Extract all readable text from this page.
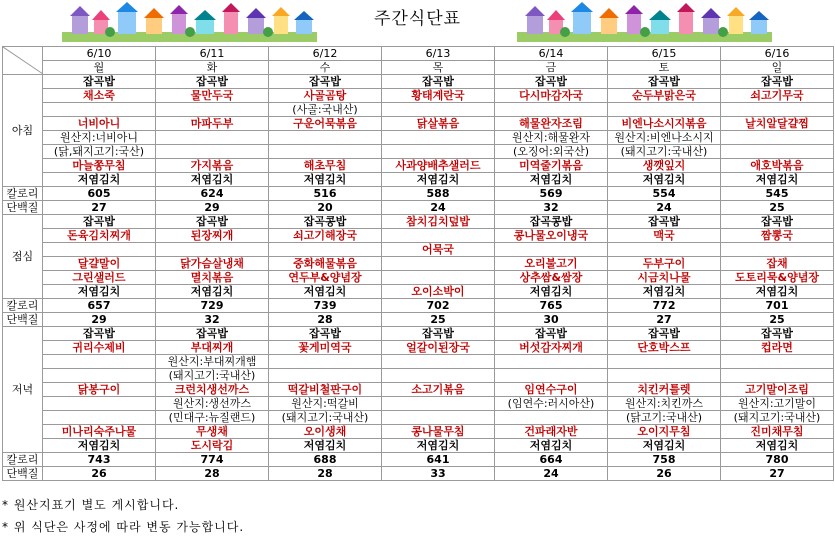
주간식단표
	6/10	6/11	6/12	6/13	6/14	6/15	6/16
	월	화	수	목	금	토	일
아침	잡곡밥	잡곡밥	잡곡밥	잡곡밥	잡곡밥	잡곡밥	잡곡밥
	채소죽	물만두국	사골곰탕	황태계란국	다시마감자국	순두부맑은국	쇠고기무국
			(사골:국내산)				
	너비아니	마파두부	구운어묵볶음	닭살볶음	해물완자조림	비엔나소시지볶음	날치알달걀찜
	원산지:너비아니				원산지:해물완자	원산지:비엔나소시지	
	(닭,돼지고기:국산)				(오징어:외국산)	(돼지고기:국내산)	
	마늘쫑무침	가지볶음	해초무침	사과양배추샐러드	미역줄기볶음	생깻잎지	애호박볶음
	저염김치	저염김치	저염김치	저염김치	저염김치	저염김치	저염김치
칼로리	605	624	516	588	569	554	545
단백질	27	29	20	24	32	24	25
점심	잡곡밥	잡곡밥	잡곡콩밥	참치김치덮밥	잡곡콩밥	잡곡밥	잡곡밥
	돈육김치찌개	된장찌개	쇠고기해장국		콩나물오이냉국	맥국	짬뽕국
				어묵국			
	달걀말이	닭가슴살냉채	중화해물볶음		오리불고기	두부구이	잡채
	그린샐러드	멸치볶음	연두부&양념장		상추쌈&쌈장	시금치나물	도토리묵&양념장
	저염김치	저염김치	저염김치	오이소박이	저염김치	저염김치	저염김치
칼로리	657	729	739	702	765	772	701
단백질	29	32	28	25	30	27	25
저녁	잡곡밥	잡곡밥	잡곡밥	잡곡밥	잡곡밥	잡곡밥	잡곡밥
	귀리수제비	부대찌개	꽃게미역국	얼갈이된장국	버섯감자찌개	단호박스프	컵라면
		원산지:부대찌개햄					
		(돼지고기:국내산)					
	닭봉구이	크런치생선까스	떡갈비철판구이	소고기볶음	임연수구이	치킨커틀렛	고기말이조림
		원산지:생선까스	원산지:떡갈비		(임연수:러시아산)	원산지:치킨까스	원산지:고기말이
		(민대구:뉴질랜드)	(돼지고기:국내산)			(닭고기:국내산)	(돼지고기:국내산)
	미나리숙주나물	무생채	오이생채	콩나물무침	건파래자반	오이지무침	진미채무침
	저염김치	도시락김	저염김치	저염김치	저염김치	저염김치	저염김치
칼로리	743	774	688	641	664	758	780
단백질	26	28	28	33	24	26	27
* 원산지표기 별도 게시합니다.
* 위 식단은 사정에 따라 변동 가능합니다.
